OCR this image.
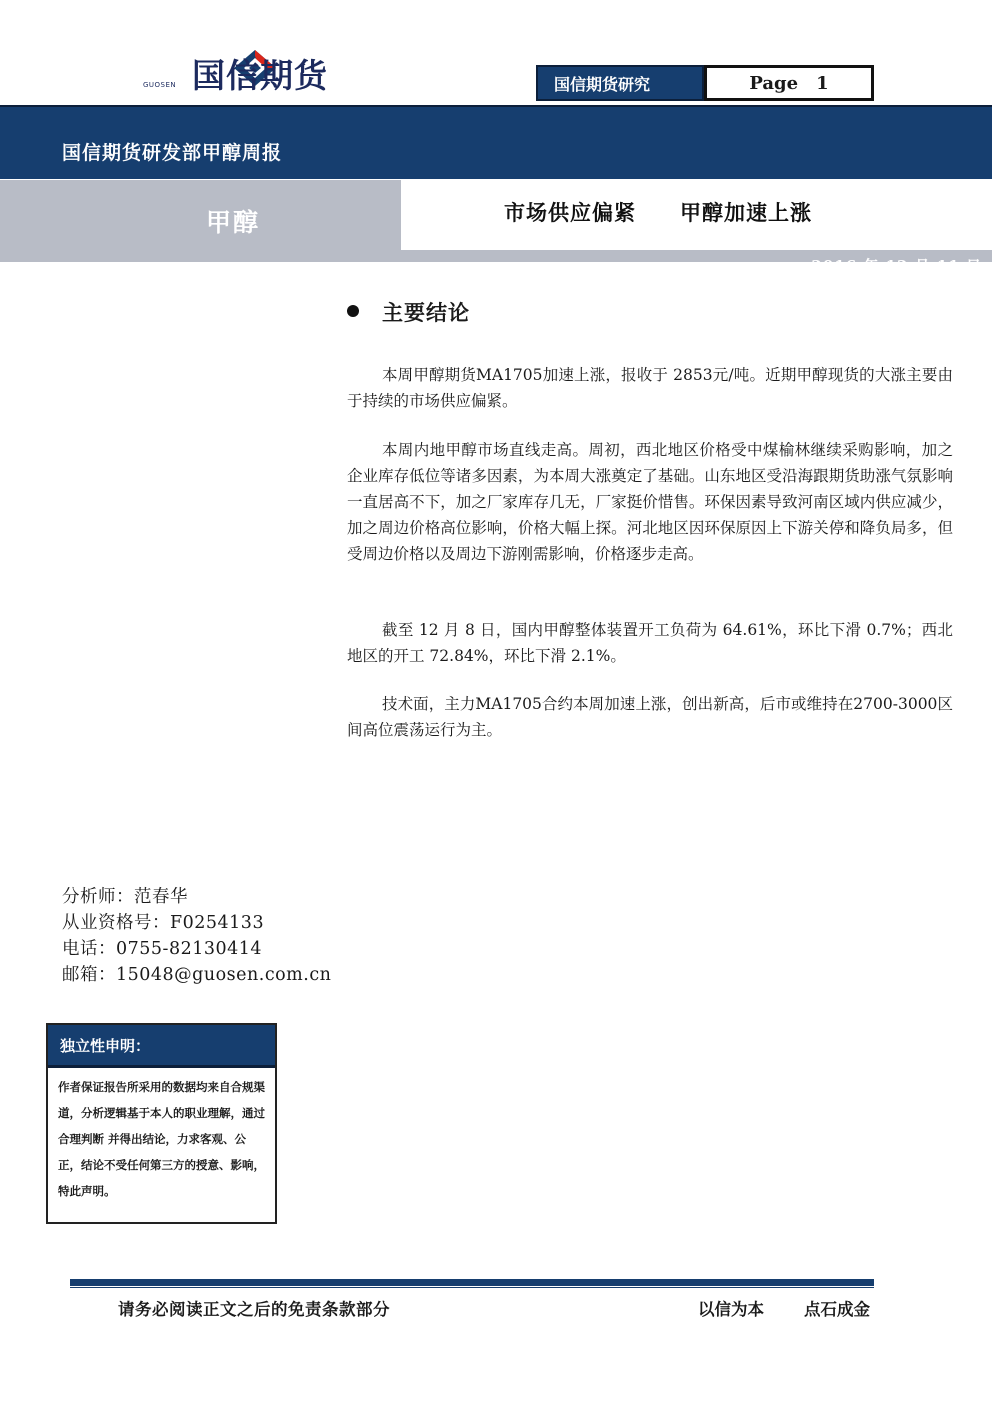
国信期货
GUOSEN	国信期货研究	Page 1
国信期货研发部甲醇周报
甲醇	市场供应偏紧 甲醇加速上涨
2016 年 12 月 11 日
主要结论

本周甲醇期货MA1705加速上涨，报收于 2853元/吨。近期甲醇现货的大涨主要由于持续的市场供应偏紧。

本周内地甲醇市场直线走高。周初，西北地区价格受中煤榆林继续采购影响，加之企业库存低位等诸多因素，为本周大涨奠定了基础。山东地区受沿海跟期货助涨气氛影响一直居高不下，加之厂家库存几无，厂家挺价惜售。环保因素导致河南区域内供应减少，加之周边价格高位影响，价格大幅上探。河北地区因环保原因上下游关停和降负局多，但受周边价格以及周边下游刚需影响，价格逐步走高。

截至 12 月 8 日，国内甲醇整体装置开工负荷为 64.61%，环比下滑 0.7%；西北地区的开工 72.84%，环比下滑 2.1%。

技术面，主力MA1705合约本周加速上涨，创出新高，后市或维持在2700-3000区间高位震荡运行为主。

分析师：范春华
从业资格号：F0254133
电话：0755-82130414
邮箱：15048@guosen.com.cn
独立性申明：

作者保证报告所采用的数据均来自合规渠道，分析逻辑基于本人的职业理解，通过合理判断 并得出结论，力求客观、公正，结论不受任何第三方的授意、影响，特此声明。

请务必阅读正文之后的免责条款部分	以信为本 点石成金
